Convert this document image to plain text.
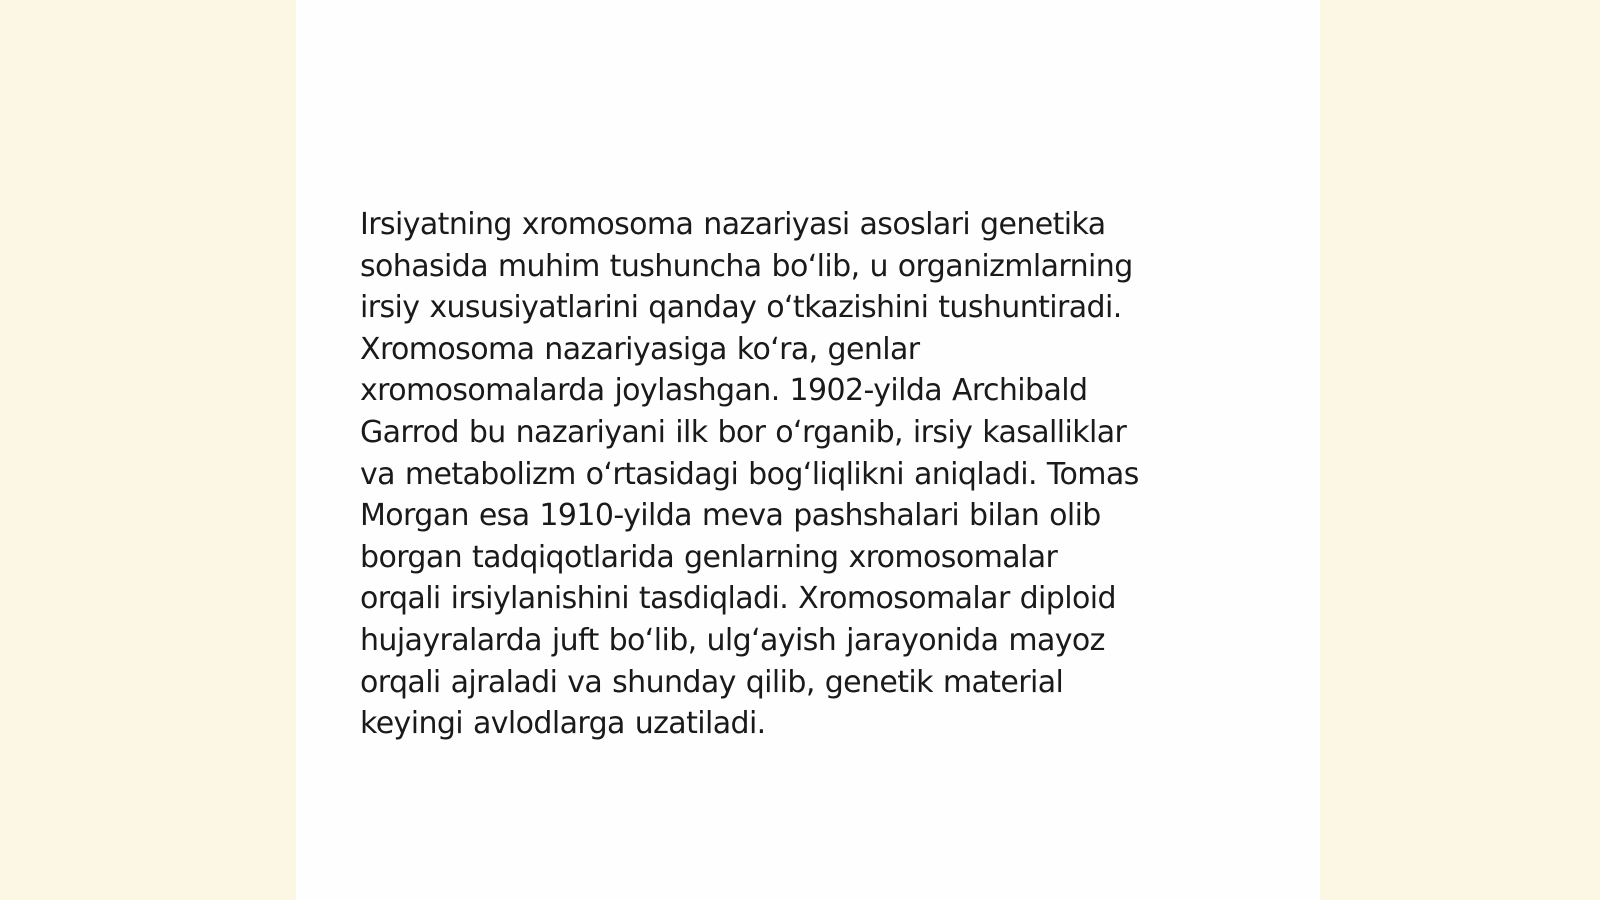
Irsiyatning xromosoma nazariyasi asoslari genetika
sohasida muhim tushuncha bo‘lib, u organizmlarning
irsiy xususiyatlarini qanday o‘tkazishini tushuntiradi.
Xromosoma nazariyasiga ko‘ra, genlar
xromosomalarda joylashgan. 1902-yilda Archibald
Garrod bu nazariyani ilk bor o‘rganib, irsiy kasalliklar
va metabolizm o‘rtasidagi bog‘liqlikni aniqladi. Tomas
Morgan esa 1910-yilda meva pashshalari bilan olib
borgan tadqiqotlarida genlarning xromosomalar
orqali irsiylanishini tasdiqladi. Xromosomalar diploid
hujayralarda juft bo‘lib, ulg‘ayish jarayonida mayoz
orqali ajraladi va shunday qilib, genetik material
keyingi avlodlarga uzatiladi.
